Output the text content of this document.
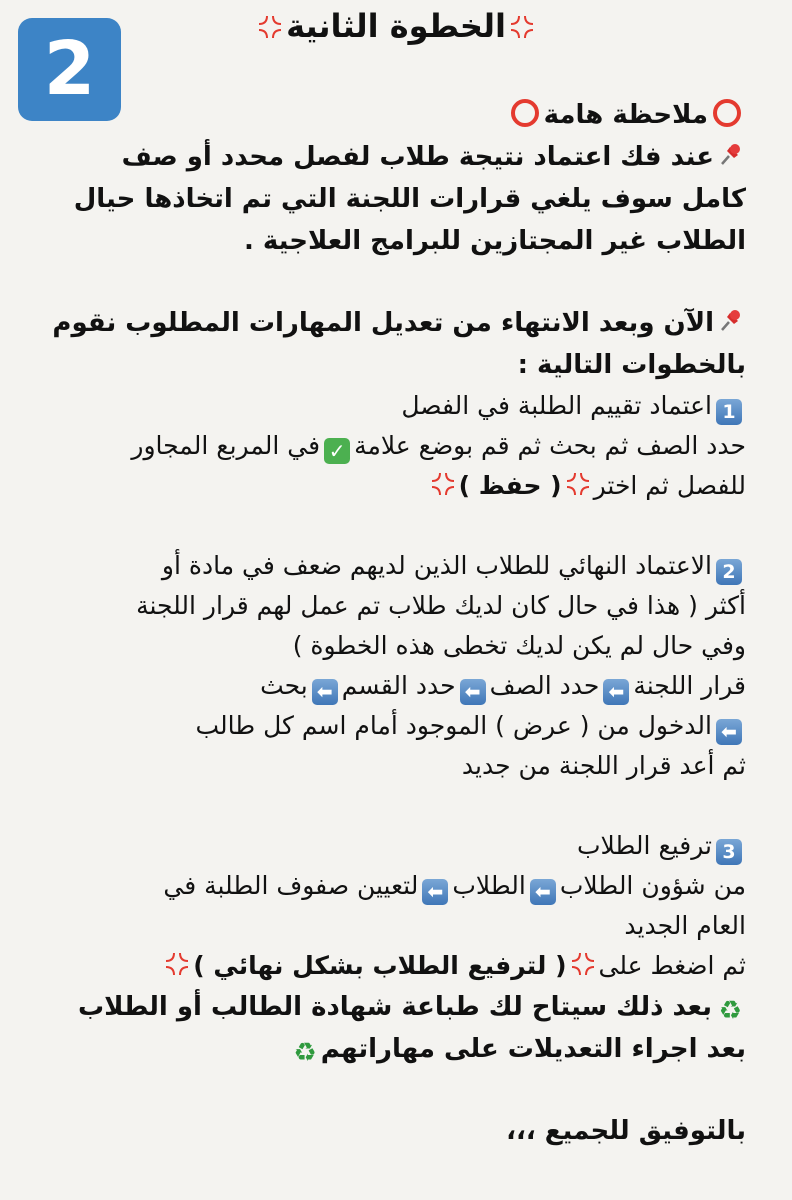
2	الخطوة الثانية
ملاحظة هامة
عند فك اعتماد نتيجة طلاب لفصل محدد أو صف
كامل سوف يلغي قرارات اللجنة التي تم اتخاذها حيال
الطلاب غير المجتازين للبرامج العلاجية .
الآن وبعد الانتهاء من تعديل المهارات المطلوب نقوم
بالخطوات التالية :
1اعتماد تقييم الطلبة في الفصل
حدد الصف ثم بحث ثم قم بوضع علامة✓في المربع المجاور
للفصل ثم اختر
( حفظ )
2الاعتماد النهائي للطلاب الذين لديهم ضعف في مادة أو
أكثر ( هذا في حال كان لديك طلاب تم عمل لهم قرار اللجنة
وفي حال لم يكن لديك تخطى هذه الخطوة )
قرار اللجنة⬅حدد الصف⬅حدد القسم⬅بحث
⬅الدخول من ( عرض ) الموجود أمام اسم كل طالب
ثم أعد قرار اللجنة من جديد
3ترفيع الطلاب
من شؤون الطلاب⬅الطلاب⬅لتعيين صفوف الطلبة في
العام الجديد
ثم اضغط على
( لترفيع الطلاب بشكل نهائي )
♻بعد ذلك سيتاح لك طباعة شهادة الطالب أو الطلاب
بعد اجراء التعديلات على مهاراتهم♻
بالتوفيق للجميع ،،،
